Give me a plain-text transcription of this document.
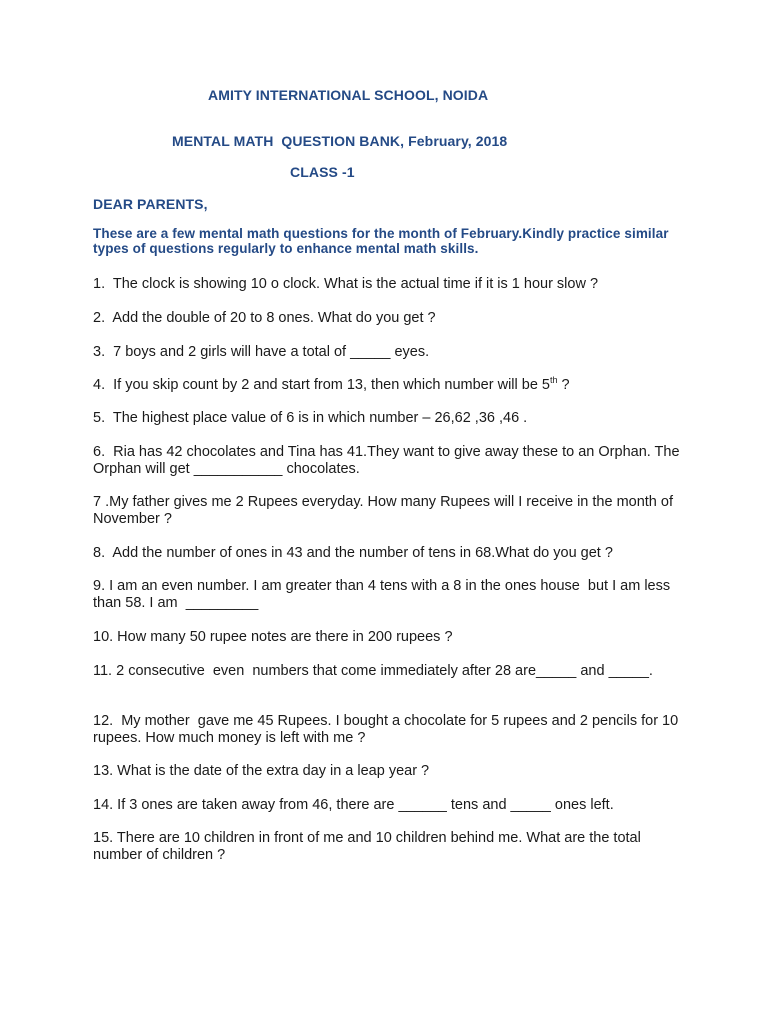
AMITY INTERNATIONAL SCHOOL, NOIDA
MENTAL MATH  QUESTION BANK, February, 2018
CLASS -1
DEAR PARENTS,
These are a few mental math questions for the month of February.Kindly practice similar types of questions regularly to enhance mental math skills.
1.  The clock is showing 10 o clock. What is the actual time if it is 1 hour slow ?
2.  Add the double of 20 to 8 ones. What do you get ?
3.  7 boys and 2 girls will have a total of _____ eyes.
4.  If you skip count by 2 and start from 13, then which number will be 5th ?
5.  The highest place value of 6 is in which number – 26,62 ,36 ,46 .
6.  Ria has 42 chocolates and Tina has 41.They want to give away these to an Orphan. The Orphan will get ___________ chocolates.
7 .My father gives me 2 Rupees everyday. How many Rupees will I receive in the month of November ?
8.  Add the number of ones in 43 and the number of tens in 68.What do you get ?
9. I am an even number. I am greater than 4 tens with a 8 in the ones house  but I am less than 58. I am  _________
10. How many 50 rupee notes are there in 200 rupees ?
11. 2 consecutive  even  numbers that come immediately after 28 are_____ and _____.
12.  My mother  gave me 45 Rupees. I bought a chocolate for 5 rupees and 2 pencils for 10 rupees. How much money is left with me ?
13. What is the date of the extra day in a leap year ?
14. If 3 ones are taken away from 46, there are ______ tens and _____ ones left.
15. There are 10 children in front of me and 10 children behind me. What are the total number of children ?
